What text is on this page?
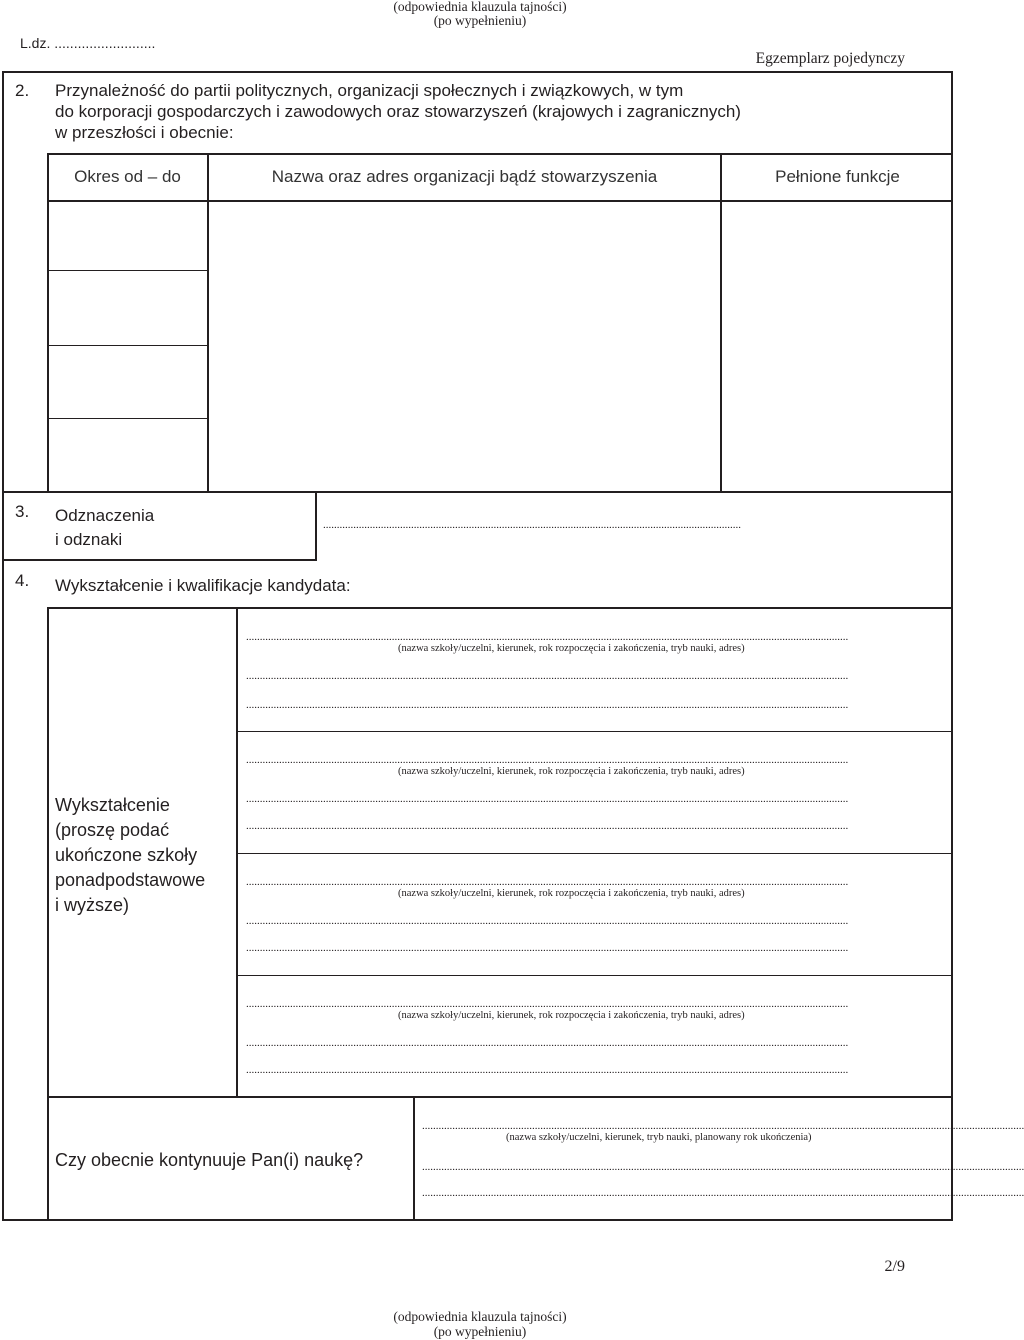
(odpowiednia klauzula tajności)
(po wypełnieniu)
L.dz. ..........................
Egzemplarz pojedynczy
2. Przynależność do partii politycznych, organizacji społecznych i związkowych, w tym
do korporacji gospodarczych i zawodowych oraz stowarzyszeń (krajowych i zagranicznych)
w przeszłości i obecnie:
Okres od – do	Nazwa oraz adres organizacji bądź stowarzyszenia	Pełnione funkcje
3. Odznaczenia
i odznaki
........................................................................................................................................................
4. Wykształcenie i kwalifikacje kandydata:
Wykształcenie
(proszę podać
ukończone szkoły
ponadpodstawowe
i wyższe)
...........................................................................................................................................................................................................................
(nazwa szkoły/uczelni, kierunek, rok rozpoczęcia i zakończenia, tryb nauki, adres)
...........................................................................................................................................................................................................................
...........................................................................................................................................................................................................................
...........................................................................................................................................................................................................................
(nazwa szkoły/uczelni, kierunek, rok rozpoczęcia i zakończenia, tryb nauki, adres)
...........................................................................................................................................................................................................................
...........................................................................................................................................................................................................................
...........................................................................................................................................................................................................................
(nazwa szkoły/uczelni, kierunek, rok rozpoczęcia i zakończenia, tryb nauki, adres)
...........................................................................................................................................................................................................................
...........................................................................................................................................................................................................................
...........................................................................................................................................................................................................................
(nazwa szkoły/uczelni, kierunek, rok rozpoczęcia i zakończenia, tryb nauki, adres)
...........................................................................................................................................................................................................................
...........................................................................................................................................................................................................................
Czy obecnie kontynuuje Pan(i) naukę?
...........................................................................................................................................................................................................................
(nazwa szkoły/uczelni, kierunek, tryb nauki, planowany rok ukończenia)
...........................................................................................................................................................................................................................
...........................................................................................................................................................................................................................
2/9
(odpowiednia klauzula tajności)
(po wypełnieniu)
